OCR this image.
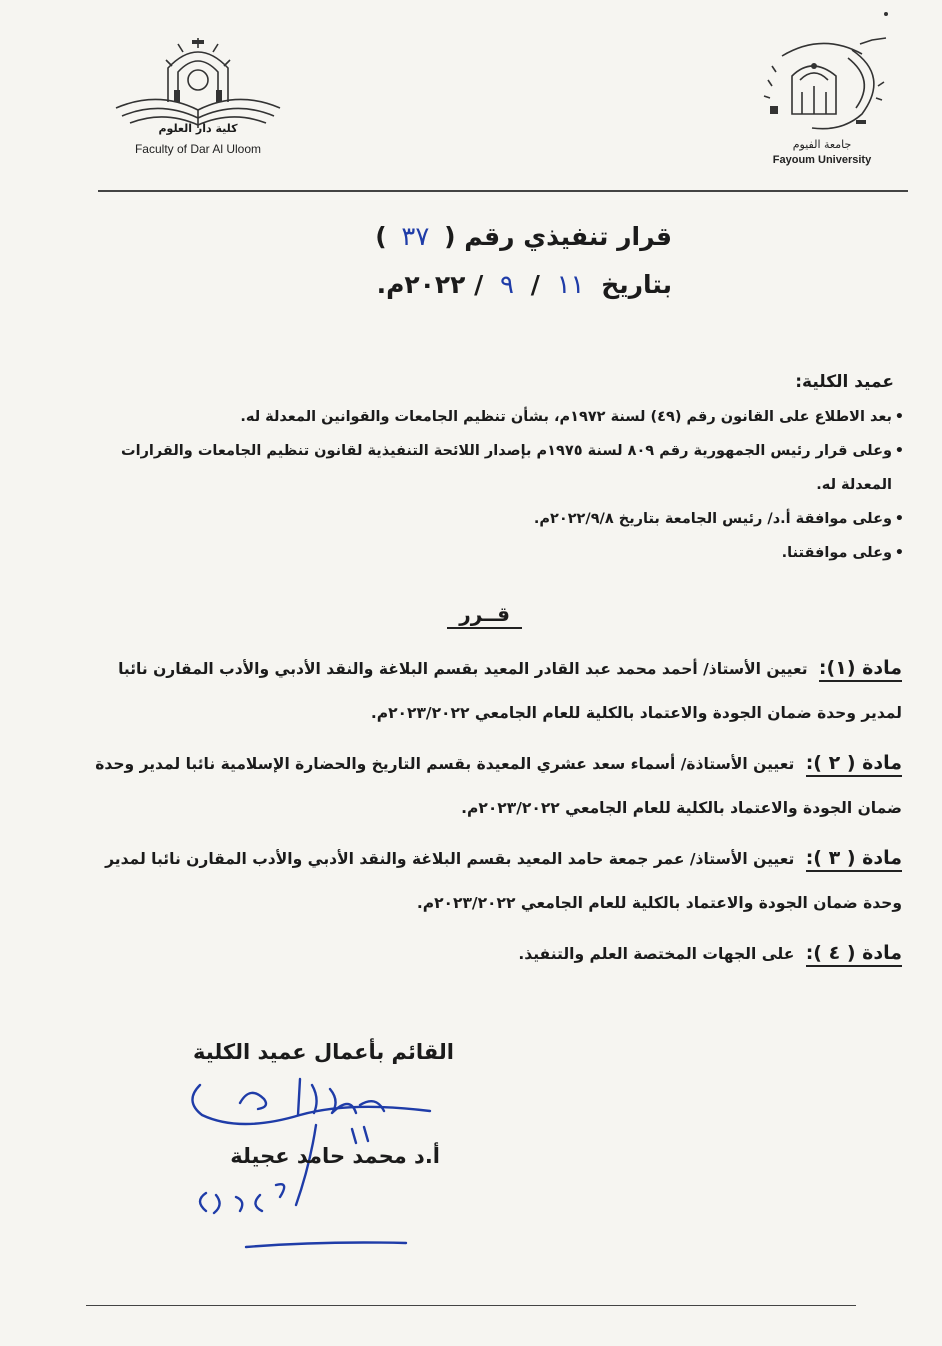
كلية دار العلوم
Faculty of Dar Al Uloom	جامعة الفيوم
Fayoum University
قرار تنفيذي رقم ( ٣٧ )
بتاريخ ١١ / ٩ / ٢٠٢٢م.
عميد الكلية:
• بعد الاطلاع على القانون رقم (٤٩) لسنة ١٩٧٢م، بشأن تنظيم الجامعات والقوانين المعدلة له.
• وعلى قرار رئيس الجمهورية رقم ٨٠٩ لسنة ١٩٧٥م بإصدار اللائحة التنفيذية لقانون تنظيم الجامعات والقرارات المعدلة له.
• وعلى موافقة أ.د/ رئيس الجامعة بتاريخ ٢٠٢٢/٩/٨م.
• وعلى موافقتنا.
قــرر
مادة (١): تعيين الأستاذ/ أحمد محمد عبد القادر المعيد بقسم البلاغة والنقد الأدبي والأدب المقارن نائبا لمدير وحدة ضمان الجودة والاعتماد بالكلية للعام الجامعي ٢٠٢٣/٢٠٢٢م.
مادة ( ٢ ): تعيين الأستاذة/ أسماء سعد عشري المعيدة بقسم التاريخ والحضارة الإسلامية نائبا لمدير وحدة ضمان الجودة والاعتماد بالكلية للعام الجامعي ٢٠٢٣/٢٠٢٢م.
مادة ( ٣ ): تعيين الأستاذ/ عمر جمعة حامد المعيد بقسم البلاغة والنقد الأدبي والأدب المقارن نائبا لمدير وحدة ضمان الجودة والاعتماد بالكلية للعام الجامعي ٢٠٢٣/٢٠٢٢م.
مادة ( ٤ ): على الجهات المختصة العلم والتنفيذ.
القائم بأعمال عميد الكلية
أ.د محمد حامد عجيلة
